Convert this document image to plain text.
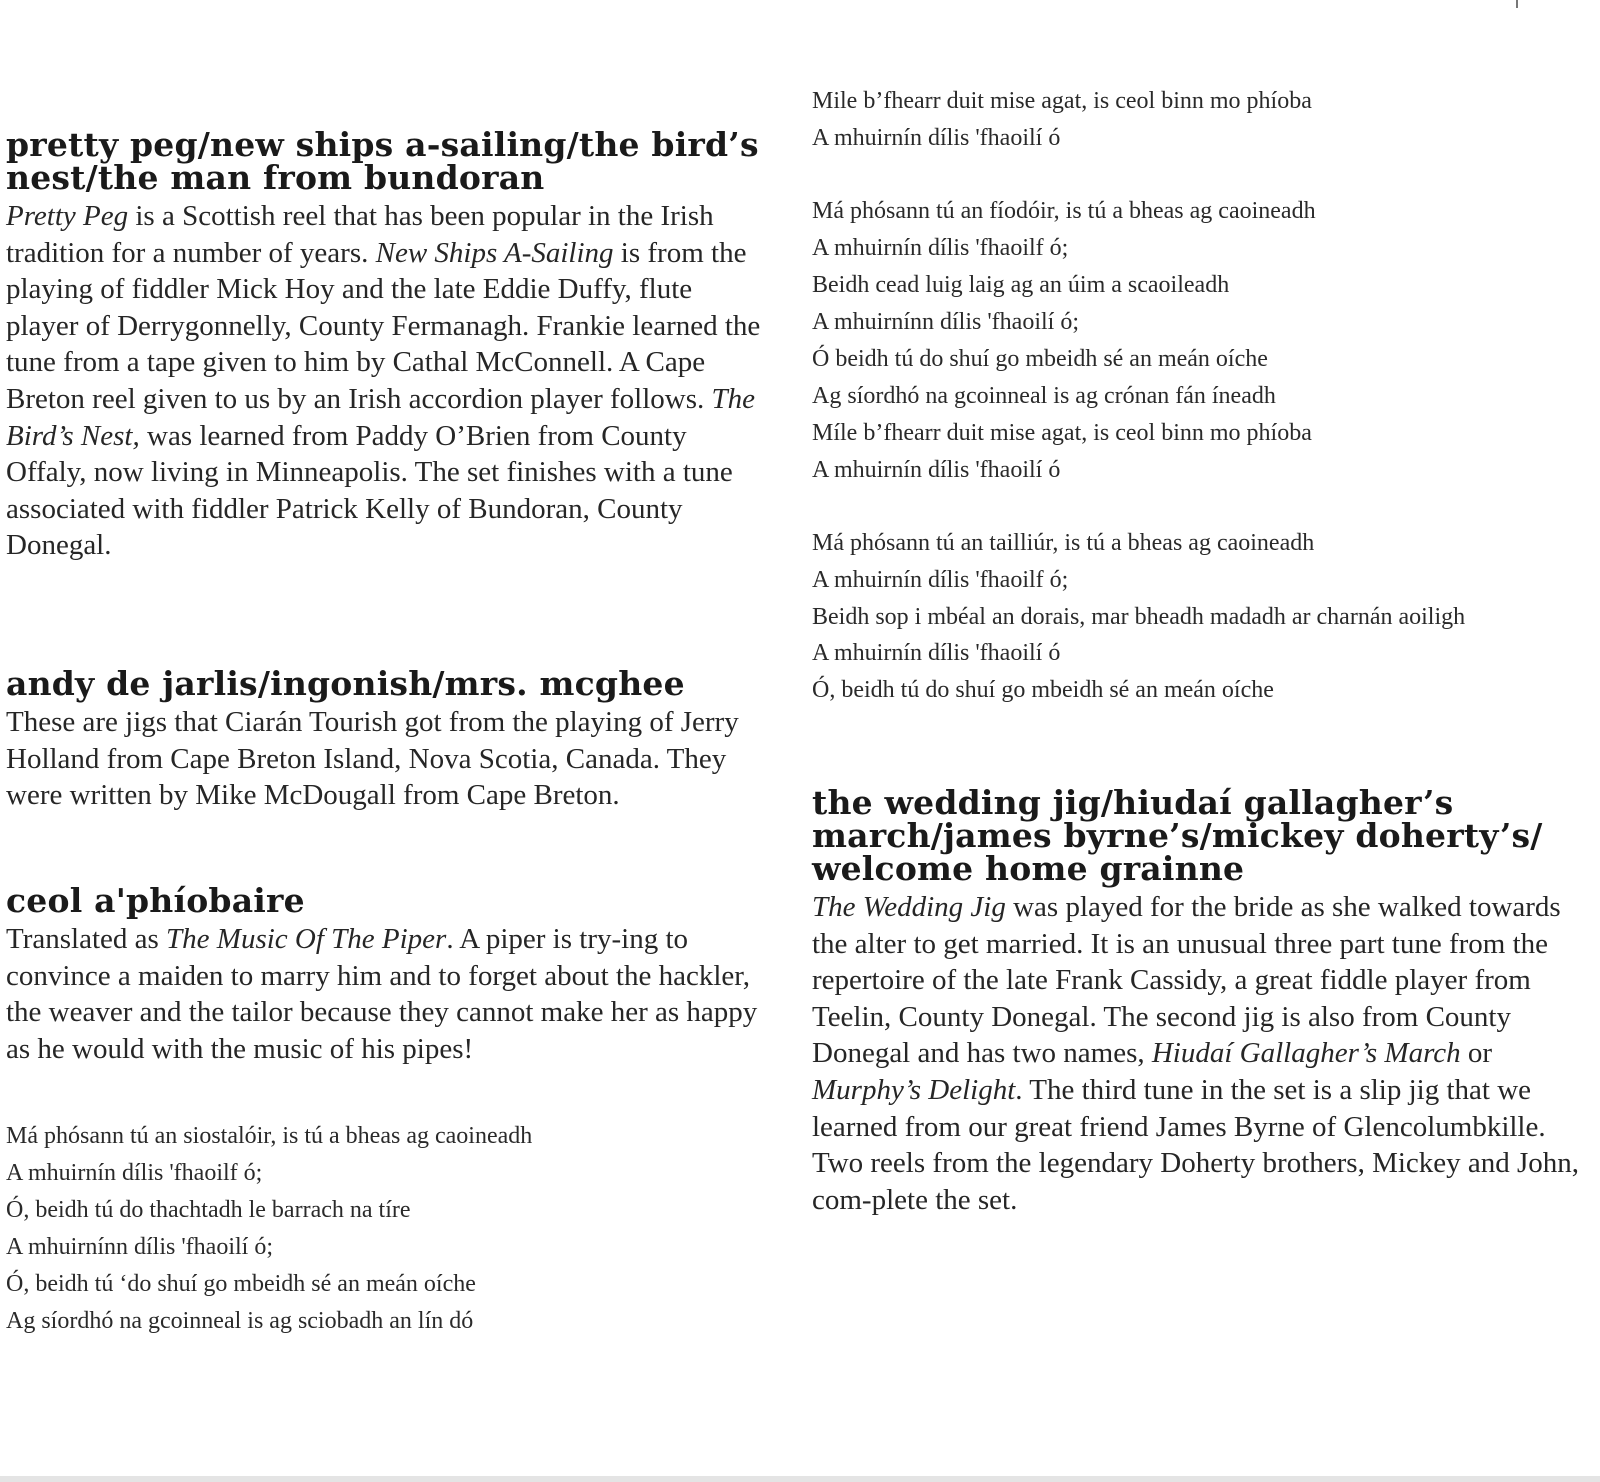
pretty peg/new ships a-sailing/the bird’s nest/the man from bundoran

Pretty Peg is a Scottish reel that has been popular in the Irish tradition for a number of years. New Ships A-Sailing is from the playing of fiddler Mick Hoy and the late Eddie Duffy, flute player of Derrygonnelly, County Fermanagh. Frankie learned the tune from a tape given to him by Cathal McConnell. A Cape Breton reel given to us by an Irish accordion player follows. The Bird’s Nest, was learned from Paddy O’Brien from County Offaly, now living in Minneapolis. The set finishes with a tune associated with fiddler Patrick Kelly of Bundoran, County Donegal.

andy de jarlis/ingonish/mrs. mcghee

These are jigs that Ciarán Tourish got from the playing of Jerry Holland from Cape Breton Island, Nova Scotia, Canada. They were written by Mike McDougall from Cape Breton.

ceol a'phíobaire

Translated as The Music Of The Piper. A piper is try-ing to convince a maiden to marry him and to forget about the hackler, the weaver and the tailor because they cannot make her as happy as he would with the music of his pipes!

Má phósann tú an siostalóir, is tú a bheas ag caoineadh
A mhuirnín dílis 'fhaoilf ó;
Ó, beidh tú do thachtadh le barrach na tíre
A mhuirnínn dílis 'fhaoilí ó;
Ó, beidh tú ‘do shuí go mbeidh sé an meán oíche
Ag síordhó na gcoinneal is ag sciobadh an lín dó
Mile b’fhearr duit mise agat, is ceol binn mo phíoba
A mhuirnín dílis 'fhaoilí ó
Má phósann tú an fíodóir, is tú a bheas ag caoineadh
A mhuirnín dílis 'fhaoilf ó;
Beidh cead luig laig ag an úim a scaoileadh
A mhuirnínn dílis 'fhaoilí ó;
Ó beidh tú do shuí go mbeidh sé an meán oíche
Ag síordhó na gcoinneal is ag crónan fán íneadh
Míle b’fhearr duit mise agat, is ceol binn mo phíoba
A mhuirnín dílis 'fhaoilí ó
Má phósann tú an tailliúr, is tú a bheas ag caoineadh
A mhuirnín dílis 'fhaoilf ó;
Beidh sop i mbéal an dorais, mar bheadh madadh ar charnán aoiligh
A mhuirnín dílis 'fhaoilí ó
Ó, beidh tú do shuí go mbeidh sé an meán oíche
the wedding jig/hiudaí gallagher’s march/james byrne’s/mickey doherty’s/ welcome home grainne

The Wedding Jig was played for the bride as she walked towards the alter to get married. It is an unusual three part tune from the repertoire of the late Frank Cassidy, a great fiddle player from Teelin, County Donegal. The second jig is also from County Donegal and has two names, Hiudaí Gallagher’s March or Murphy’s Delight. The third tune in the set is a slip jig that we learned from our great friend James Byrne of Glencolumbkille. Two reels from the legendary Doherty brothers, Mickey and John, com-plete the set.
